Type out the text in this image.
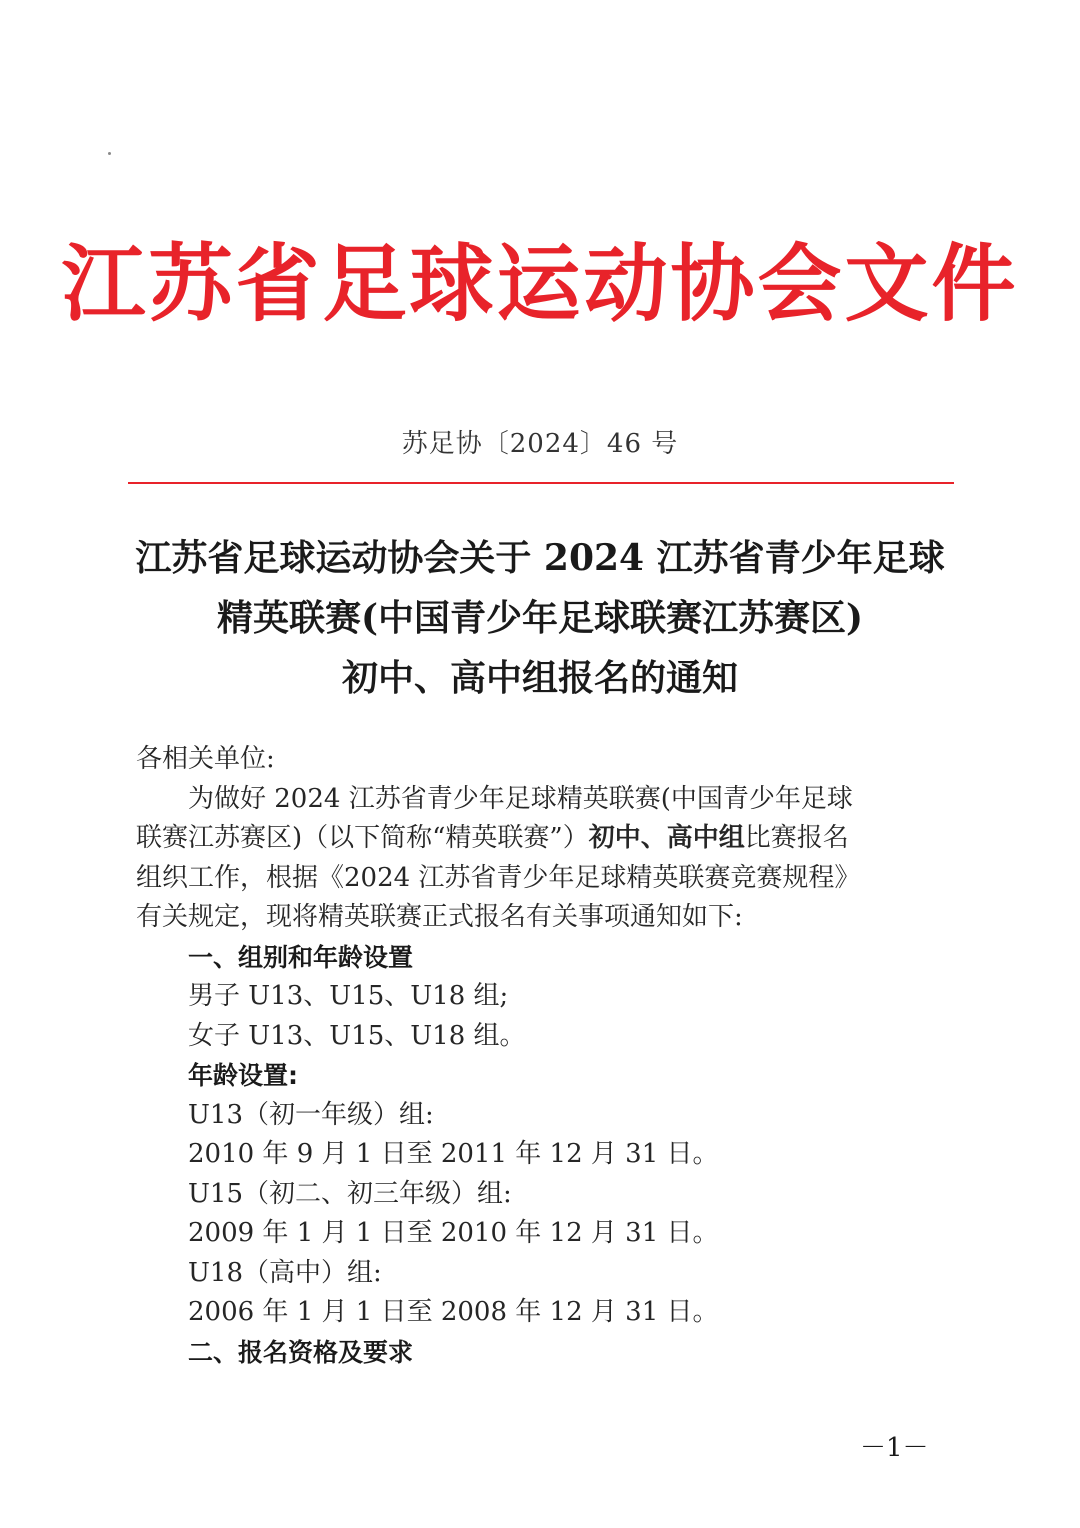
江苏省足球运动协会文件
苏足协〔2024〕46 号
江苏省足球运动协会关于 2024 江苏省青少年足球
精英联赛(中国青少年足球联赛江苏赛区)
初中、高中组报名的通知
各相关单位:
为做好 2024 江苏省青少年足球精英联赛(中国青少年足球
联赛江苏赛区)（以下简称“精英联赛”）初中、高中组比赛报名
组织工作，根据《2024 江苏省青少年足球精英联赛竞赛规程》
有关规定，现将精英联赛正式报名有关事项通知如下:
一、组别和年龄设置
男子 U13、U15、U18 组;
女子 U13、U15、U18 组。
年龄设置:
U13（初一年级）组:
2010 年 9 月 1 日至 2011 年 12 月 31 日。
U15（初二、初三年级）组:
2009 年 1 月 1 日至 2010 年 12 月 31 日。
U18（高中）组:
2006 年 1 月 1 日至 2008 年 12 月 31 日。
二、报名资格及要求
－1－
